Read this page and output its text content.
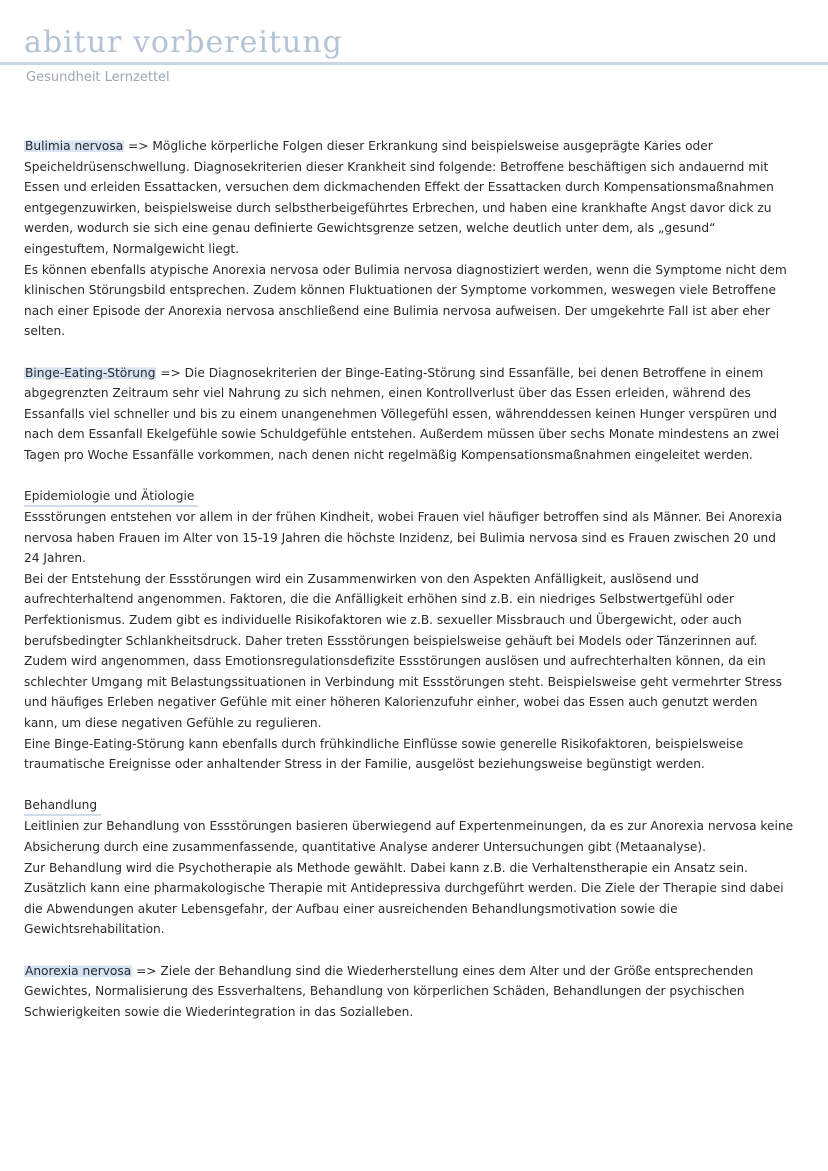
abitur vorbereitung
Gesundheit Lernzettel

Bulimia nervosa => Mögliche körperliche Folgen dieser Erkrankung sind beispielsweise ausgeprägte Karies oder Speicheldrüsenschwellung. Diagnosekriterien dieser Krankheit sind folgende: Betroffene beschäftigen sich andauernd mit Essen und erleiden Essattacken, versuchen dem dickmachenden Effekt der Essattacken durch Kompensationsmaßnahmen entgegenzuwirken, beispielsweise durch selbstherbeigeführtes Erbrechen, und haben eine krankhafte Angst davor dick zu werden, wodurch sie sich eine genau definierte Gewichtsgrenze setzen, welche deutlich unter dem, als „gesund“ eingestuftem, Normalgewicht liegt.

Es können ebenfalls atypische Anorexia nervosa oder Bulimia nervosa diagnostiziert werden, wenn die Symptome nicht dem klinischen Störungsbild entsprechen. Zudem können Fluktuationen der Symptome vorkommen, weswegen viele Betroffene nach einer Episode der Anorexia nervosa anschließend eine Bulimia nervosa aufweisen. Der umgekehrte Fall ist aber eher selten.

Binge-Eating-Störung => Die Diagnosekriterien der Binge-Eating-Störung sind Essanfälle, bei denen Betroffene in einem abgegrenzten Zeitraum sehr viel Nahrung zu sich nehmen, einen Kontrollverlust über das Essen erleiden, während des Essanfalls viel schneller und bis zu einem unangenehmen Völlegefühl essen, währenddessen keinen Hunger verspüren und nach dem Essanfall Ekelgefühle sowie Schuldgefühle entstehen. Außerdem müssen über sechs Monate mindestens an zwei Tagen pro Woche Essanfälle vorkommen, nach denen nicht regelmäßig Kompensationsmaßnahmen eingeleitet werden.

Epidemiologie und Ätiologie

Essstörungen entstehen vor allem in der frühen Kindheit, wobei Frauen viel häufiger betroffen sind als Männer. Bei Anorexia nervosa haben Frauen im Alter von 15-19 Jahren die höchste Inzidenz, bei Bulimia nervosa sind es Frauen zwischen 20 und 24 Jahren.

Bei der Entstehung der Essstörungen wird ein Zusammenwirken von den Aspekten Anfälligkeit, auslösend und aufrechterhaltend angenommen. Faktoren, die die Anfälligkeit erhöhen sind z.B. ein niedriges Selbstwertgefühl oder Perfektionismus. Zudem gibt es individuelle Risikofaktoren wie z.B. sexueller Missbrauch und Übergewicht, oder auch berufsbedingter Schlankheitsdruck. Daher treten Essstörungen beispielsweise gehäuft bei Models oder Tänzerinnen auf. Zudem wird angenommen, dass Emotionsregulationsdefizite Essstörungen auslösen und aufrechterhalten können, da ein schlechter Umgang mit Belastungssituationen in Verbindung mit Essstörungen steht. Beispielsweise geht vermehrter Stress und häufiges Erleben negativer Gefühle mit einer höheren Kalorienzufuhr einher, wobei das Essen auch genutzt werden kann, um diese negativen Gefühle zu regulieren.

Eine Binge-Eating-Störung kann ebenfalls durch frühkindliche Einflüsse sowie generelle Risikofaktoren, beispielsweise traumatische Ereignisse oder anhaltender Stress in der Familie, ausgelöst beziehungsweise begünstigt werden.

Behandlung

Leitlinien zur Behandlung von Essstörungen basieren überwiegend auf Expertenmeinungen, da es zur Anorexia nervosa keine Absicherung durch eine zusammenfassende, quantitative Analyse anderer Untersuchungen gibt (Metaanalyse).

Zur Behandlung wird die Psychotherapie als Methode gewählt. Dabei kann z.B. die Verhaltenstherapie ein Ansatz sein. Zusätzlich kann eine pharmakologische Therapie mit Antidepressiva durchgeführt werden. Die Ziele der Therapie sind dabei die Abwendungen akuter Lebensgefahr, der Aufbau einer ausreichenden Behandlungsmotivation sowie die Gewichtsrehabilitation.

Anorexia nervosa => Ziele der Behandlung sind die Wiederherstellung eines dem Alter und der Größe entsprechenden Gewichtes, Normalisierung des Essverhaltens, Behandlung von körperlichen Schäden, Behandlungen der psychischen Schwierigkeiten sowie die Wiederintegration in das Sozialleben.
